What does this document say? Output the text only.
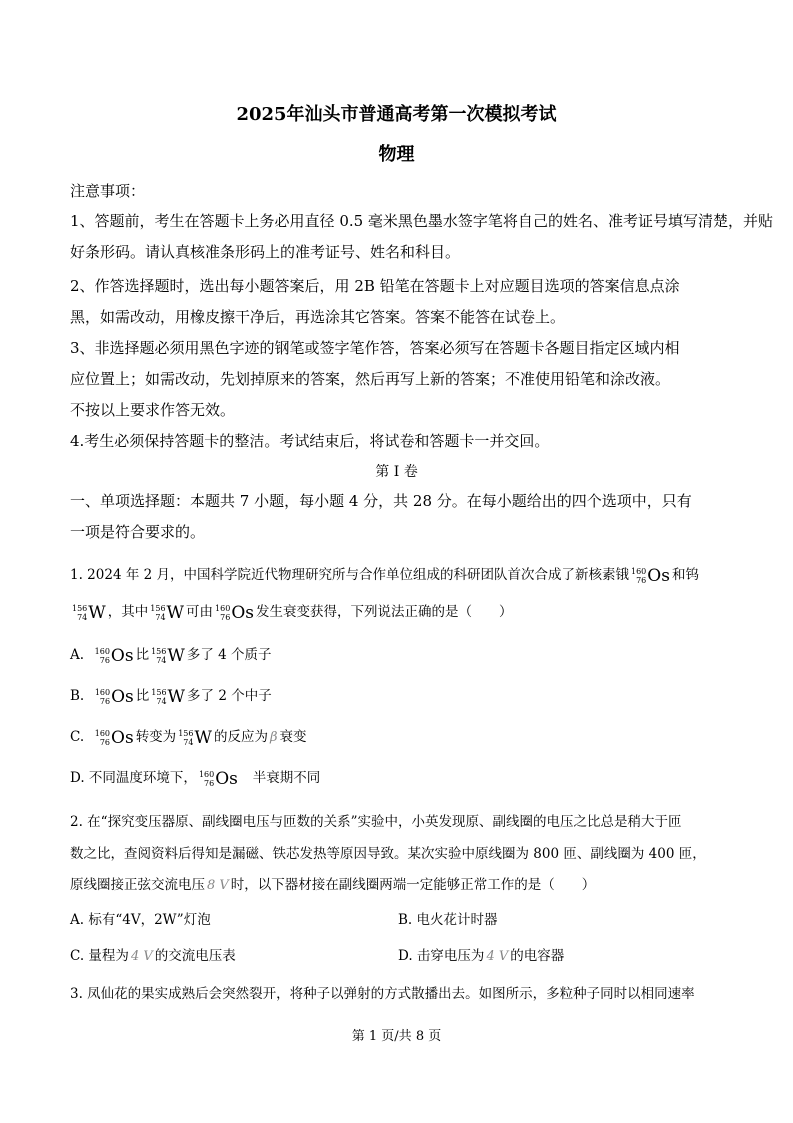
2025年汕头市普通高考第一次模拟考试
物理
注意事项：
1、答题前，考生在答题卡上务必用直径 0.5 毫米黑色墨水签字笔将自己的姓名、准考证号填写清楚，并贴
好条形码。请认真核准条形码上的准考证号、姓名和科目。
2、作答选择题时，选出每小题答案后，用 2B 铅笔在答题卡上对应题目选项的答案信息点涂
黑，如需改动，用橡皮擦干净后，再选涂其它答案。答案不能答在试卷上。
3、非选择题必须用黑色字迹的钢笔或签字笔作答，答案必须写在答题卡各题目指定区域内相
应位置上；如需改动，先划掉原来的答案，然后再写上新的答案；不准使用铅笔和涂改液。
不按以上要求作答无效。
4.考生必须保持答题卡的整洁。考试结束后，将试卷和答题卡一并交回。
第 I 卷
一、单项选择题：本题共 7 小题，每小题 4 分，共 28 分。在每小题给出的四个选项中，只有
一项是符合要求的。
1. 2024 年 2 月，中国科学院近代物理研究所与合作单位组成的科研团队首次合成了新核素锇 160
76 Os 和钨
156
74 W ，其中 156
74 W 可由 160
76 Os 发生衰变获得，下列说法正确的是（　　）
A. 160
76 Os 比 156
74 W 多了 4 个质子
B. 160
76 Os 比 156
74 W 多了 2 个中子
C. 160
76 Os 转变为 156
74 W 的反应为 β 衰变
D. 不同温度环境下， 160
76 Os 半衰期不同
2. 在“探究变压器原、副线圈电压与匝数的关系”实验中，小英发现原、副线圈的电压之比总是稍大于匝
数之比，查阅资料后得知是漏磁、铁芯发热等原因导致。某次实验中原线圈为 800 匝、副线圈为 400 匝，
原线圈接正弦交流电压 8 V 时，以下器材接在副线圈两端一定能够正常工作的是（　　）
A. 标有“4V，2W”灯泡	B. 电火花计时器
C. 量程为 4 V 的交流电压表	D. 击穿电压为 4 V 的电容器
3. 凤仙花的果实成熟后会突然裂开，将种子以弹射的方式散播出去。如图所示，多粒种子同时以相同速率
第 1 页/共 8 页
